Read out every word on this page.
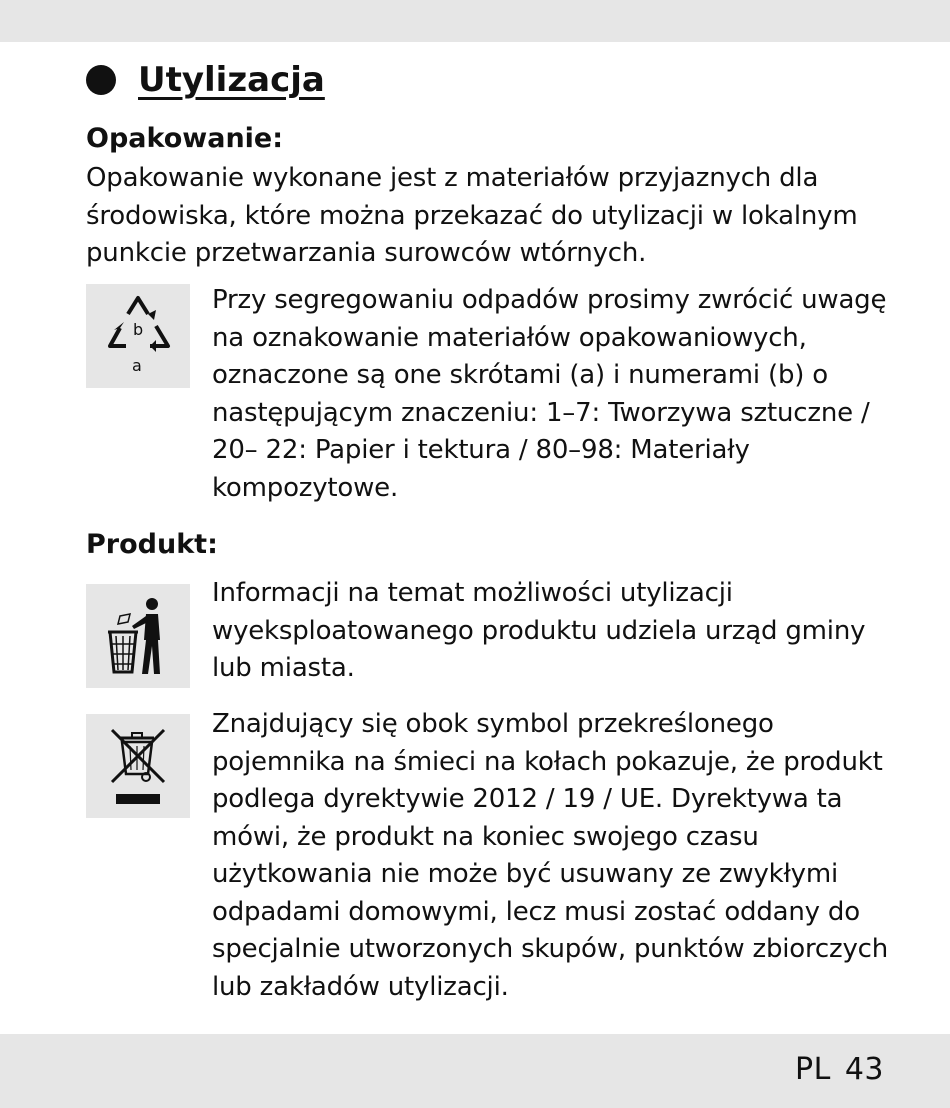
Utylizacja
Opakowanie:
Opakowanie wykonane jest z materiałów przyjaznych dla
środowiska, które można przekazać do utylizacji w lokalnym
punkcie przetwarzania surowców wtórnych.
b
a
Przy segregowaniu odpadów prosimy zwrócić uwagę
na oznakowanie materiałów opakowaniowych,
oznaczone są one skrótami (a) i numerami (b) o
następującym znaczeniu: 1–7: Tworzywa sztuczne /
20– 22: Papier i tektura / 80–98: Materiały
kompozytowe.
Produkt:
Informacji na temat możliwości utylizacji
wyeksploatowanego produktu udziela urząd gminy
lub miasta.
Znajdujący się obok symbol przekreślonego
pojemnika na śmieci na kołach pokazuje, że produkt
podlega dyrektywie 2012 / 19 / UE. Dyrektywa ta
mówi, że produkt na koniec swojego czasu
użytkowania nie może być usuwany ze zwykłymi
odpadami domowymi, lecz musi zostać oddany do
specjalnie utworzonych skupów, punktów zbiorczych
lub zakładów utylizacji.
PL 43
